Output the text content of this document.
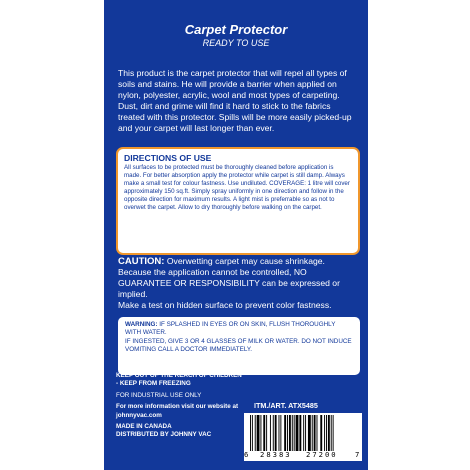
Carpet Protector
READY TO USE
This product is the carpet protector that will repel all types of soils and stains. He will provide a barrier when applied on nylon, polyester, acrylic, wool and most types of carpeting. Dust, dirt and grime will find it hard to stick to the fabrics treated with this protector. Spills will be more easily picked-up and your carpet will last longer than ever.
DIRECTIONS OF USE
All surfaces to be protected must be thoroughly cleaned before application is made. For better absorption apply the protector while carpet is still damp. Always make a small test for colour fastness. Use undiluted. COVERAGE: 1 litre will cover approximately 150 sq.ft. Simply spray uniformly in one direction and follow in the opposite direction for maximum results. A light mist is preferrable so as not to overwet the carpet. Allow to dry thoroughly before walking on the carpet.
CAUTION: Overwetting carpet may cause shrinkage. Because the application cannot be controlled, NO GUARANTEE OR RESPONSIBILITY can be expressed or implied.
Make a test on hidden surface to prevent color fastness.
WARNING: IF SPLASHED IN EYES OR ON SKIN, FLUSH THOROUGHLY WITH WATER.
IF INGESTED, GIVE 3 OR 4 GLASSES OF MILK OR WATER. DO NOT INDUCE VOMITING CALL A DOCTOR IMMEDIATELY.
KEEP OUT OF THE REACH OF CHILDREN - KEEP FROM FREEZING
FOR INDUSTRIAL USE ONLY
For more information visit our website at johnnyvac.com
MADE IN CANADA
DISTRIBUTED BY JOHNNY VAC
ITM./ART. ATX5485
6 28383 27200 7
